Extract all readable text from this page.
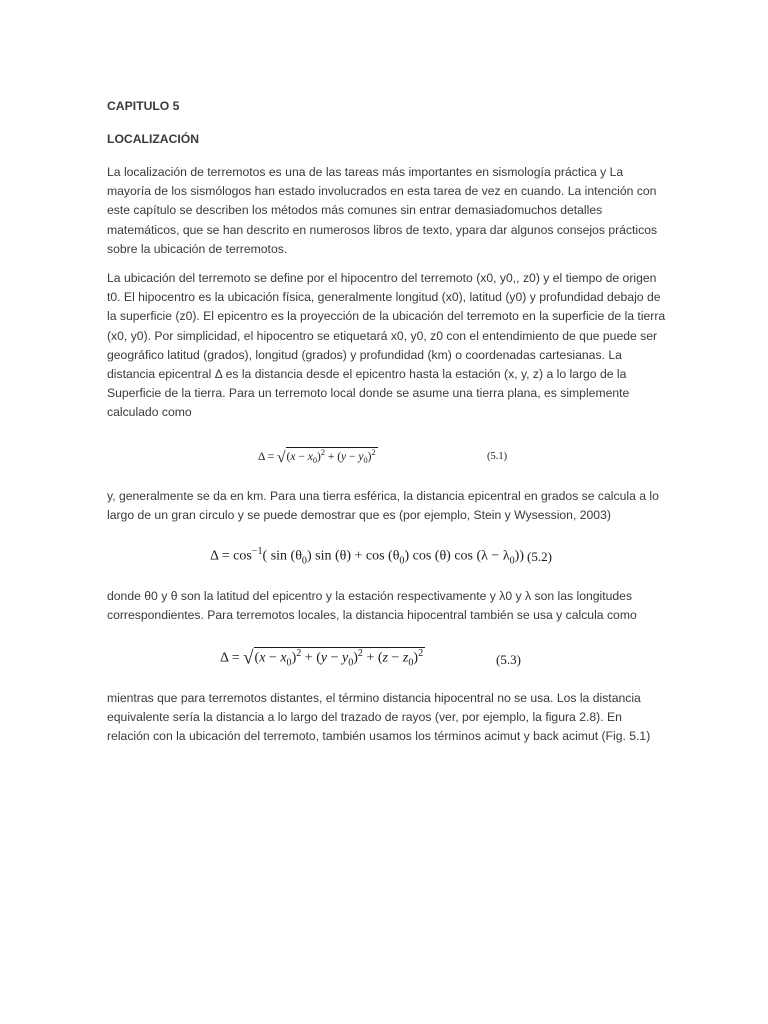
CAPITULO 5

LOCALIZACIÓN

La localización de terremotos es una de las tareas más importantes en sismología práctica y La mayoría de los sismólogos han estado involucrados en esta tarea de vez en cuando. La intención con este capítulo se describen los métodos más comunes sin entrar demasiadomuchos detalles matemáticos, que se han descrito en numerosos libros de texto, ypara dar algunos consejos prácticos sobre la ubicación de terremotos.

La ubicación del terremoto se define por el hipocentro del terremoto (x0, y0,, z0) y el tiempo de origen t0. El hipocentro es la ubicación física, generalmente longitud (x0), latitud (y0) y profundidad debajo de la superficie (z0). El epicentro es la proyección de la ubicación del terremoto en la superficie de la tierra (x0, y0). Por simplicidad, el hipocentro se etiquetará x0, y0, z0 con el entendimiento de que puede ser geográfico latitud (grados), longitud (grados) y profundidad (km) o coordenadas cartesianas. La distancia epicentral Δ es la distancia desde el epicentro hasta la estación (x, y, z) a lo largo de la Superficie de la tierra. Para un terremoto local donde se asume una tierra plana, es simplemente calculado como

$\Delta = √(x - x_0)^2 + (y - y_0)^2$	(5.1)

y, generalmente se da en km. Para una tierra esférica, la distancia epicentral en grados se calcula a lo largo de un gran circulo y se puede demostrar que es (por ejemplo, Stein y Wysession, 2003)

$\Delta = \cos^{-1}$( $\sin (\theta_0)$ $\sin (\theta) + \cos (\theta_0)$ cos (θ) $\cos (\lambda - \lambda_0)$) (5.2)

donde θ0 y θ son la latitud del epicentro y la estación respectivamente y λ0 y λ son las longitudes correspondientes. Para terremotos locales, la distancia hipocentral también se usa y calcula como

$\Delta = √(x - x_0)^2 + (y - y_0)^2 + (z - z_0)^2$	(5.3)

mientras que para terremotos distantes, el término distancia hipocentral no se usa. Los la distancia equivalente sería la distancia a lo largo del trazado de rayos (ver, por ejemplo, la figura 2.8). En relación con la ubicación del terremoto, también usamos los términos acimut y back acimut (Fig. 5.1)
